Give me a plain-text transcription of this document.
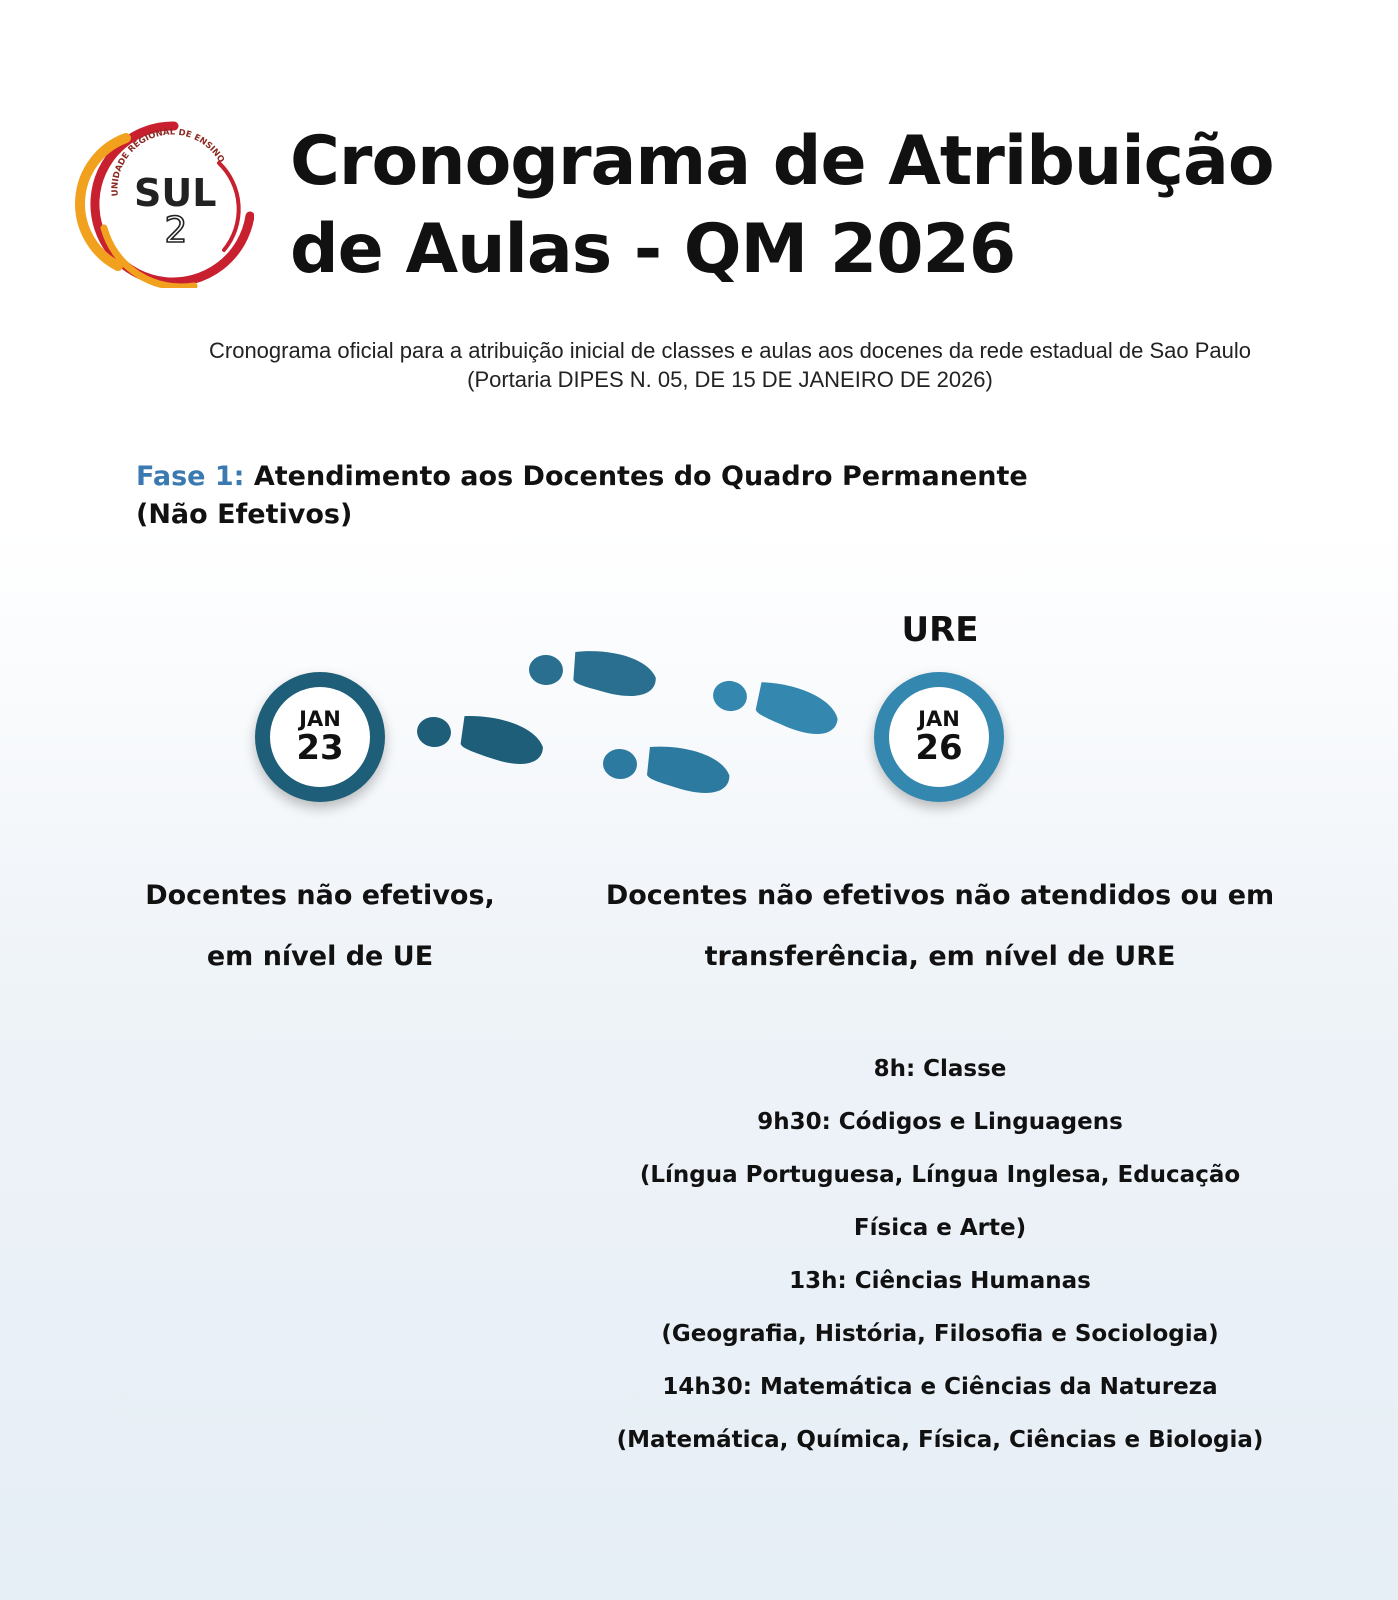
UNIDADE REGIONAL DE ENSINO
SUL
2
Cronograma de Atribuição
de Aulas - QM 2026
Cronograma oficial para a atribuição inicial de classes e aulas aos docenes da rede estadual de Sao Paulo
(Portaria DIPES N. 05, DE 15 DE JANEIRO DE 2026)
Fase 1: Atendimento aos Docentes do Quadro Permanente
(Não Efetivos)
URE
JAN
23
JAN
26
Docentes não efetivos,
em nível de UE
Docentes não efetivos não atendidos ou em
transferência, em nível de URE
8h: Classe
9h30: Códigos e Linguagens
(Língua Portuguesa, Língua Inglesa, Educação
Física e Arte)
13h: Ciências Humanas
(Geografia, História, Filosofia e Sociologia)
14h30: Matemática e Ciências da Natureza
(Matemática, Química, Física, Ciências e Biologia)
